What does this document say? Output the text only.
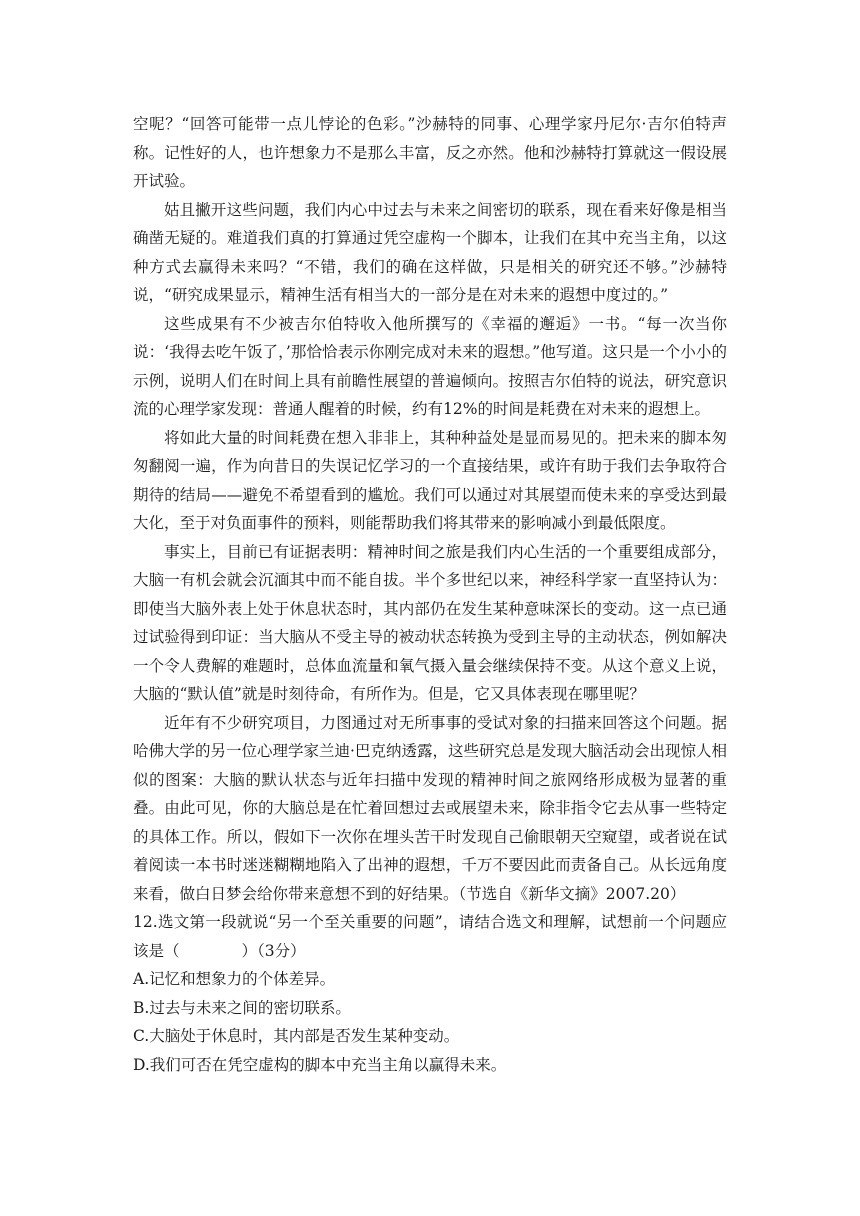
空呢？“回答可能带一点儿悖论的色彩。”沙赫特的同事、心理学家丹尼尔·吉尔伯特声称。记性好的人，也许想象力不是那么丰富，反之亦然。他和沙赫特打算就这一假设展开试验。

姑且撇开这些问题，我们内心中过去与未来之间密切的联系，现在看来好像是相当确凿无疑的。难道我们真的打算通过凭空虚构一个脚本，让我们在其中充当主角，以这种方式去赢得未来吗？“不错，我们的确在这样做，只是相关的研究还不够。”沙赫特说，“研究成果显示，精神生活有相当大的一部分是在对未来的遐想中度过的。”

这些成果有不少被吉尔伯特收入他所撰写的《幸福的邂逅》一书。“每一次当你说：‘我得去吃午饭了，’那恰恰表示你刚完成对未来的遐想。”他写道。这只是一个小小的示例，说明人们在时间上具有前瞻性展望的普遍倾向。按照吉尔伯特的说法，研究意识流的心理学家发现：普通人醒着的时候，约有12%的时间是耗费在对未来的遐想上。

将如此大量的时间耗费在想入非非上，其种种益处是显而易见的。把未来的脚本匆匆翻阅一遍，作为向昔日的失误记忆学习的一个直接结果，或许有助于我们去争取符合期待的结局——避免不希望看到的尴尬。我们可以通过对其展望而使未来的享受达到最大化，至于对负面事件的预料，则能帮助我们将其带来的影响减小到最低限度。

事实上，目前已有证据表明：精神时间之旅是我们内心生活的一个重要组成部分，大脑一有机会就会沉湎其中而不能自拔。半个多世纪以来，神经科学家一直坚持认为：即使当大脑外表上处于休息状态时，其内部仍在发生某种意味深长的变动。这一点已通过试验得到印证：当大脑从不受主导的被动状态转换为受到主导的主动状态，例如解决一个令人费解的难题时，总体血流量和氧气摄入量会继续保持不变。从这个意义上说，大脑的“默认值”就是时刻待命，有所作为。但是，它又具体表现在哪里呢？

近年有不少研究项目，力图通过对无所事事的受试对象的扫描来回答这个问题。据哈佛大学的另一位心理学家兰迪·巴克纳透露，这些研究总是发现大脑活动会出现惊人相似的图案：大脑的默认状态与近年扫描中发现的精神时间之旅网络形成极为显著的重叠。由此可见，你的大脑总是在忙着回想过去或展望未来，除非指令它去从事一些特定的具体工作。所以，假如下一次你在埋头苦干时发现自己偷眼朝天空窥望，或者说在试着阅读一本书时迷迷糊糊地陷入了出神的遐想，千万不要因此而责备自己。从长远角度来看，做白日梦会给你带来意想不到的好结果。（节选自《新华文摘》2007.20）

12.选文第一段就说“另一个至关重要的问题”，请结合选文和理解，试想前一个问题应该是（　　　　）（3分）

A.记忆和想象力的个体差异。

B.过去与未来之间的密切联系。

C.大脑处于休息时，其内部是否发生某种变动。

D.我们可否在凭空虚构的脚本中充当主角以赢得未来。
